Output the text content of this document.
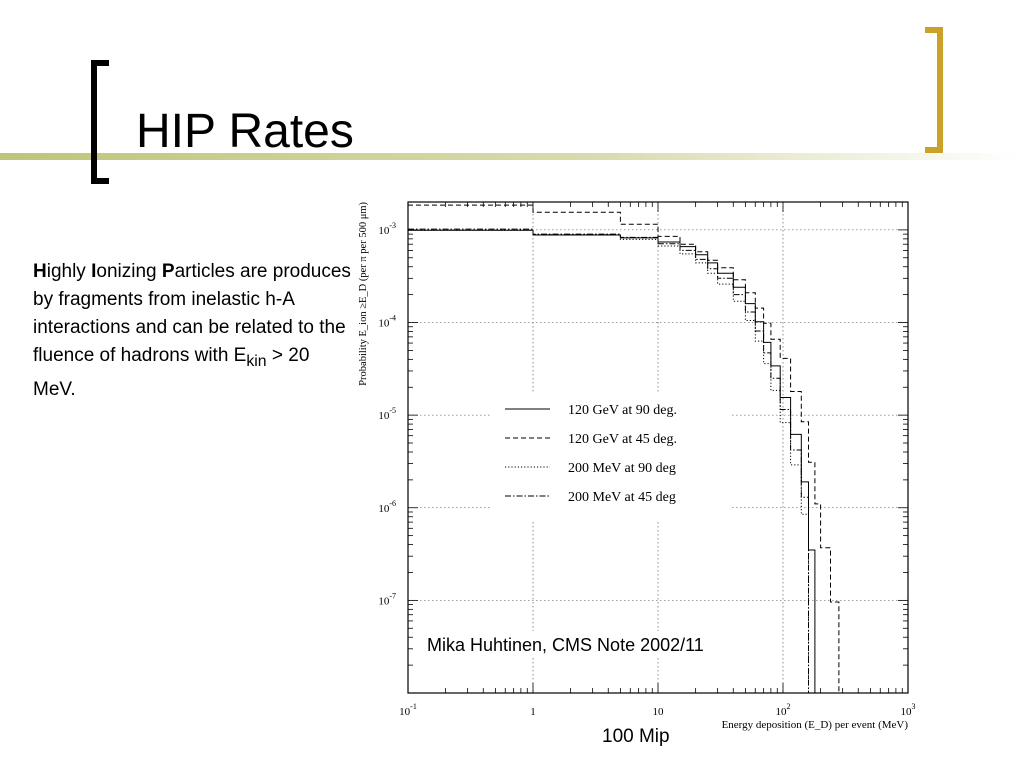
HIP Rates
Highly Ionizing Particles are produces by fragments from inelastic h-A interactions and can be related to the fluence of hadrons with $E_{kin} > 20$ MeV.
$10^{-1}$	1	10	$10^2$	$10^3$
$10^{-3}$
$10^{-4}$
$10^{-5}$
$10^{-6}$
$10^{-7}$
Energy deposition (E_D) per event (MeV)
Probability E_ion ≥E_D (per π per 500 μm)
120 GeV at 90 deg.
120 GeV at 45 deg.
200 MeV at 90 deg
200 MeV at 45 deg
Mika Huhtinen, CMS Note 2002/11
100 Mip
